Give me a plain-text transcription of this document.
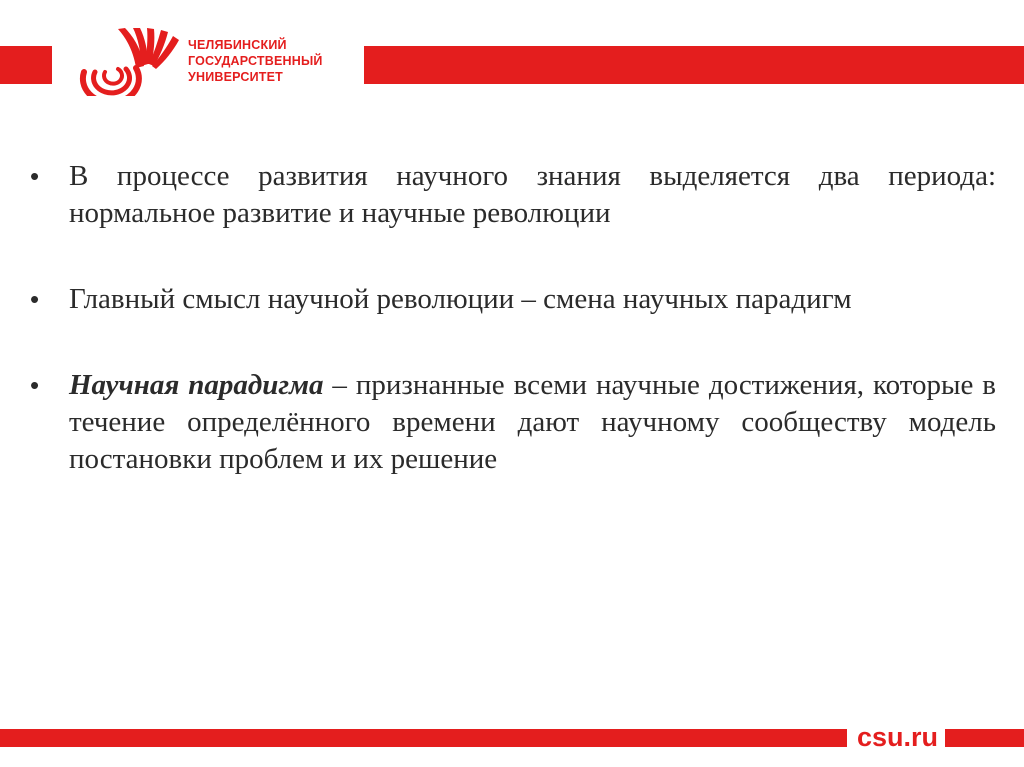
ЧЕЛЯБИНСКИЙ
ГОСУДАРСТВЕННЫЙ
УНИВЕРСИТЕТ
• В процессе развития научного знания выделяется два периода: нормальное развитие и научные революции
• Главный смысл научной революции – смена научных парадигм
• Научная парадигма – признанные всеми научные достижения, которые в течение определённого времени дают научному сообществу модель постановки проблем и их решение
csu.ru
